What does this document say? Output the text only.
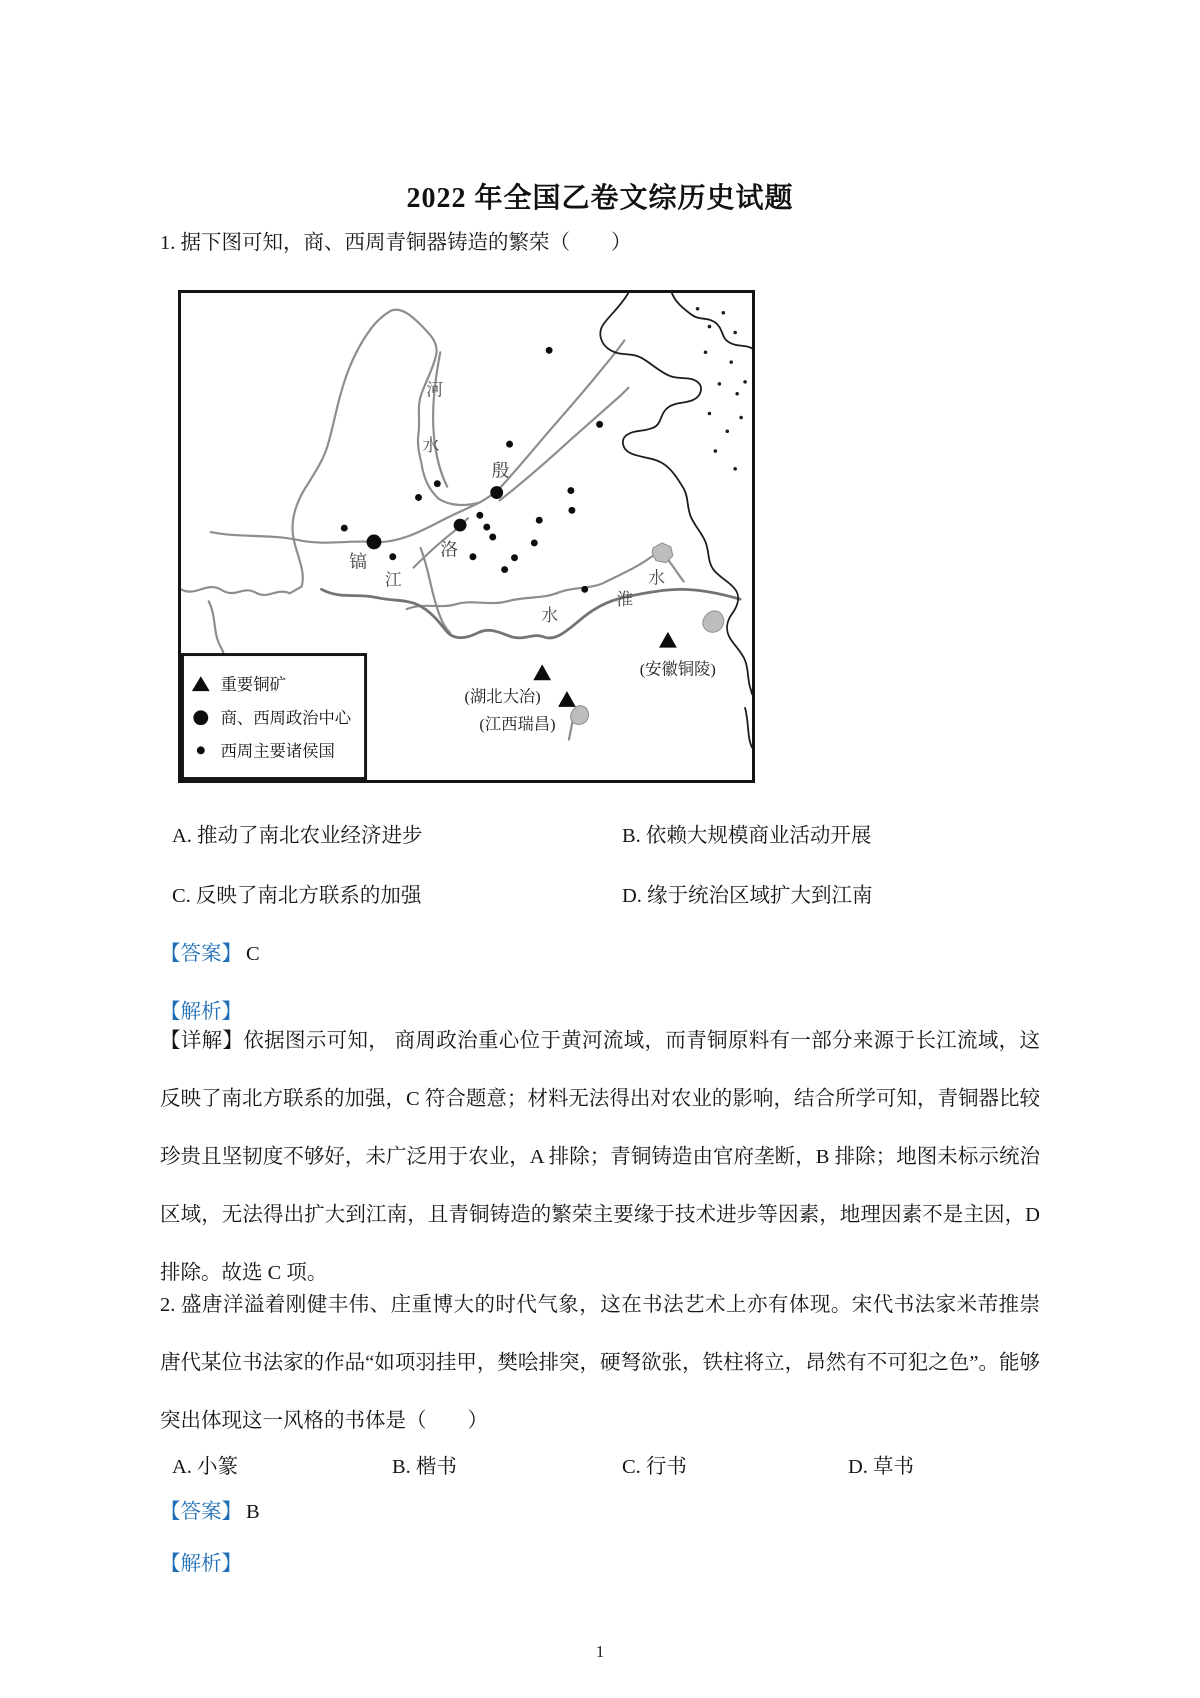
2022 年全国乙卷文综历史试题
1. 据下图可知，商、西周青铜器铸造的繁荣（　　）
河
水
淮
水
江
水
殷
镐
洛
(湖北大冶)
(江西瑞昌)
(安徽铜陵)
重要铜矿
商、西周政治中心
西周主要诸侯国
A. 推动了南北农业经济进步	B. 依赖大规模商业活动开展
C. 反映了南北方联系的加强	D. 缘于统治区域扩大到江南
【答案】 C
【解析】
【详解】依据图示可知， 商周政治重心位于黄河流域，而青铜原料有一部分来源于长江流域，这反映了南北方联系的加强，C 符合题意；材料无法得出对农业的影响，结合所学可知，青铜器比较珍贵且坚韧度不够好，未广泛用于农业，A 排除；青铜铸造由官府垄断，B 排除；地图未标示统治区域，无法得出扩大到江南，且青铜铸造的繁荣主要缘于技术进步等因素，地理因素不是主因，D 排除。故选 C 项。
2. 盛唐洋溢着刚健丰伟、庄重博大的时代气象，这在书法艺术上亦有体现。宋代书法家米芾推崇唐代某位书法家的作品“如项羽挂甲，樊哙排突，硬弩欲张，铁柱将立，昂然有不可犯之色”。能够突出体现这一风格的书体是（　　）
A. 小篆	B. 楷书	C. 行书	D. 草书
【答案】 B
【解析】
1
